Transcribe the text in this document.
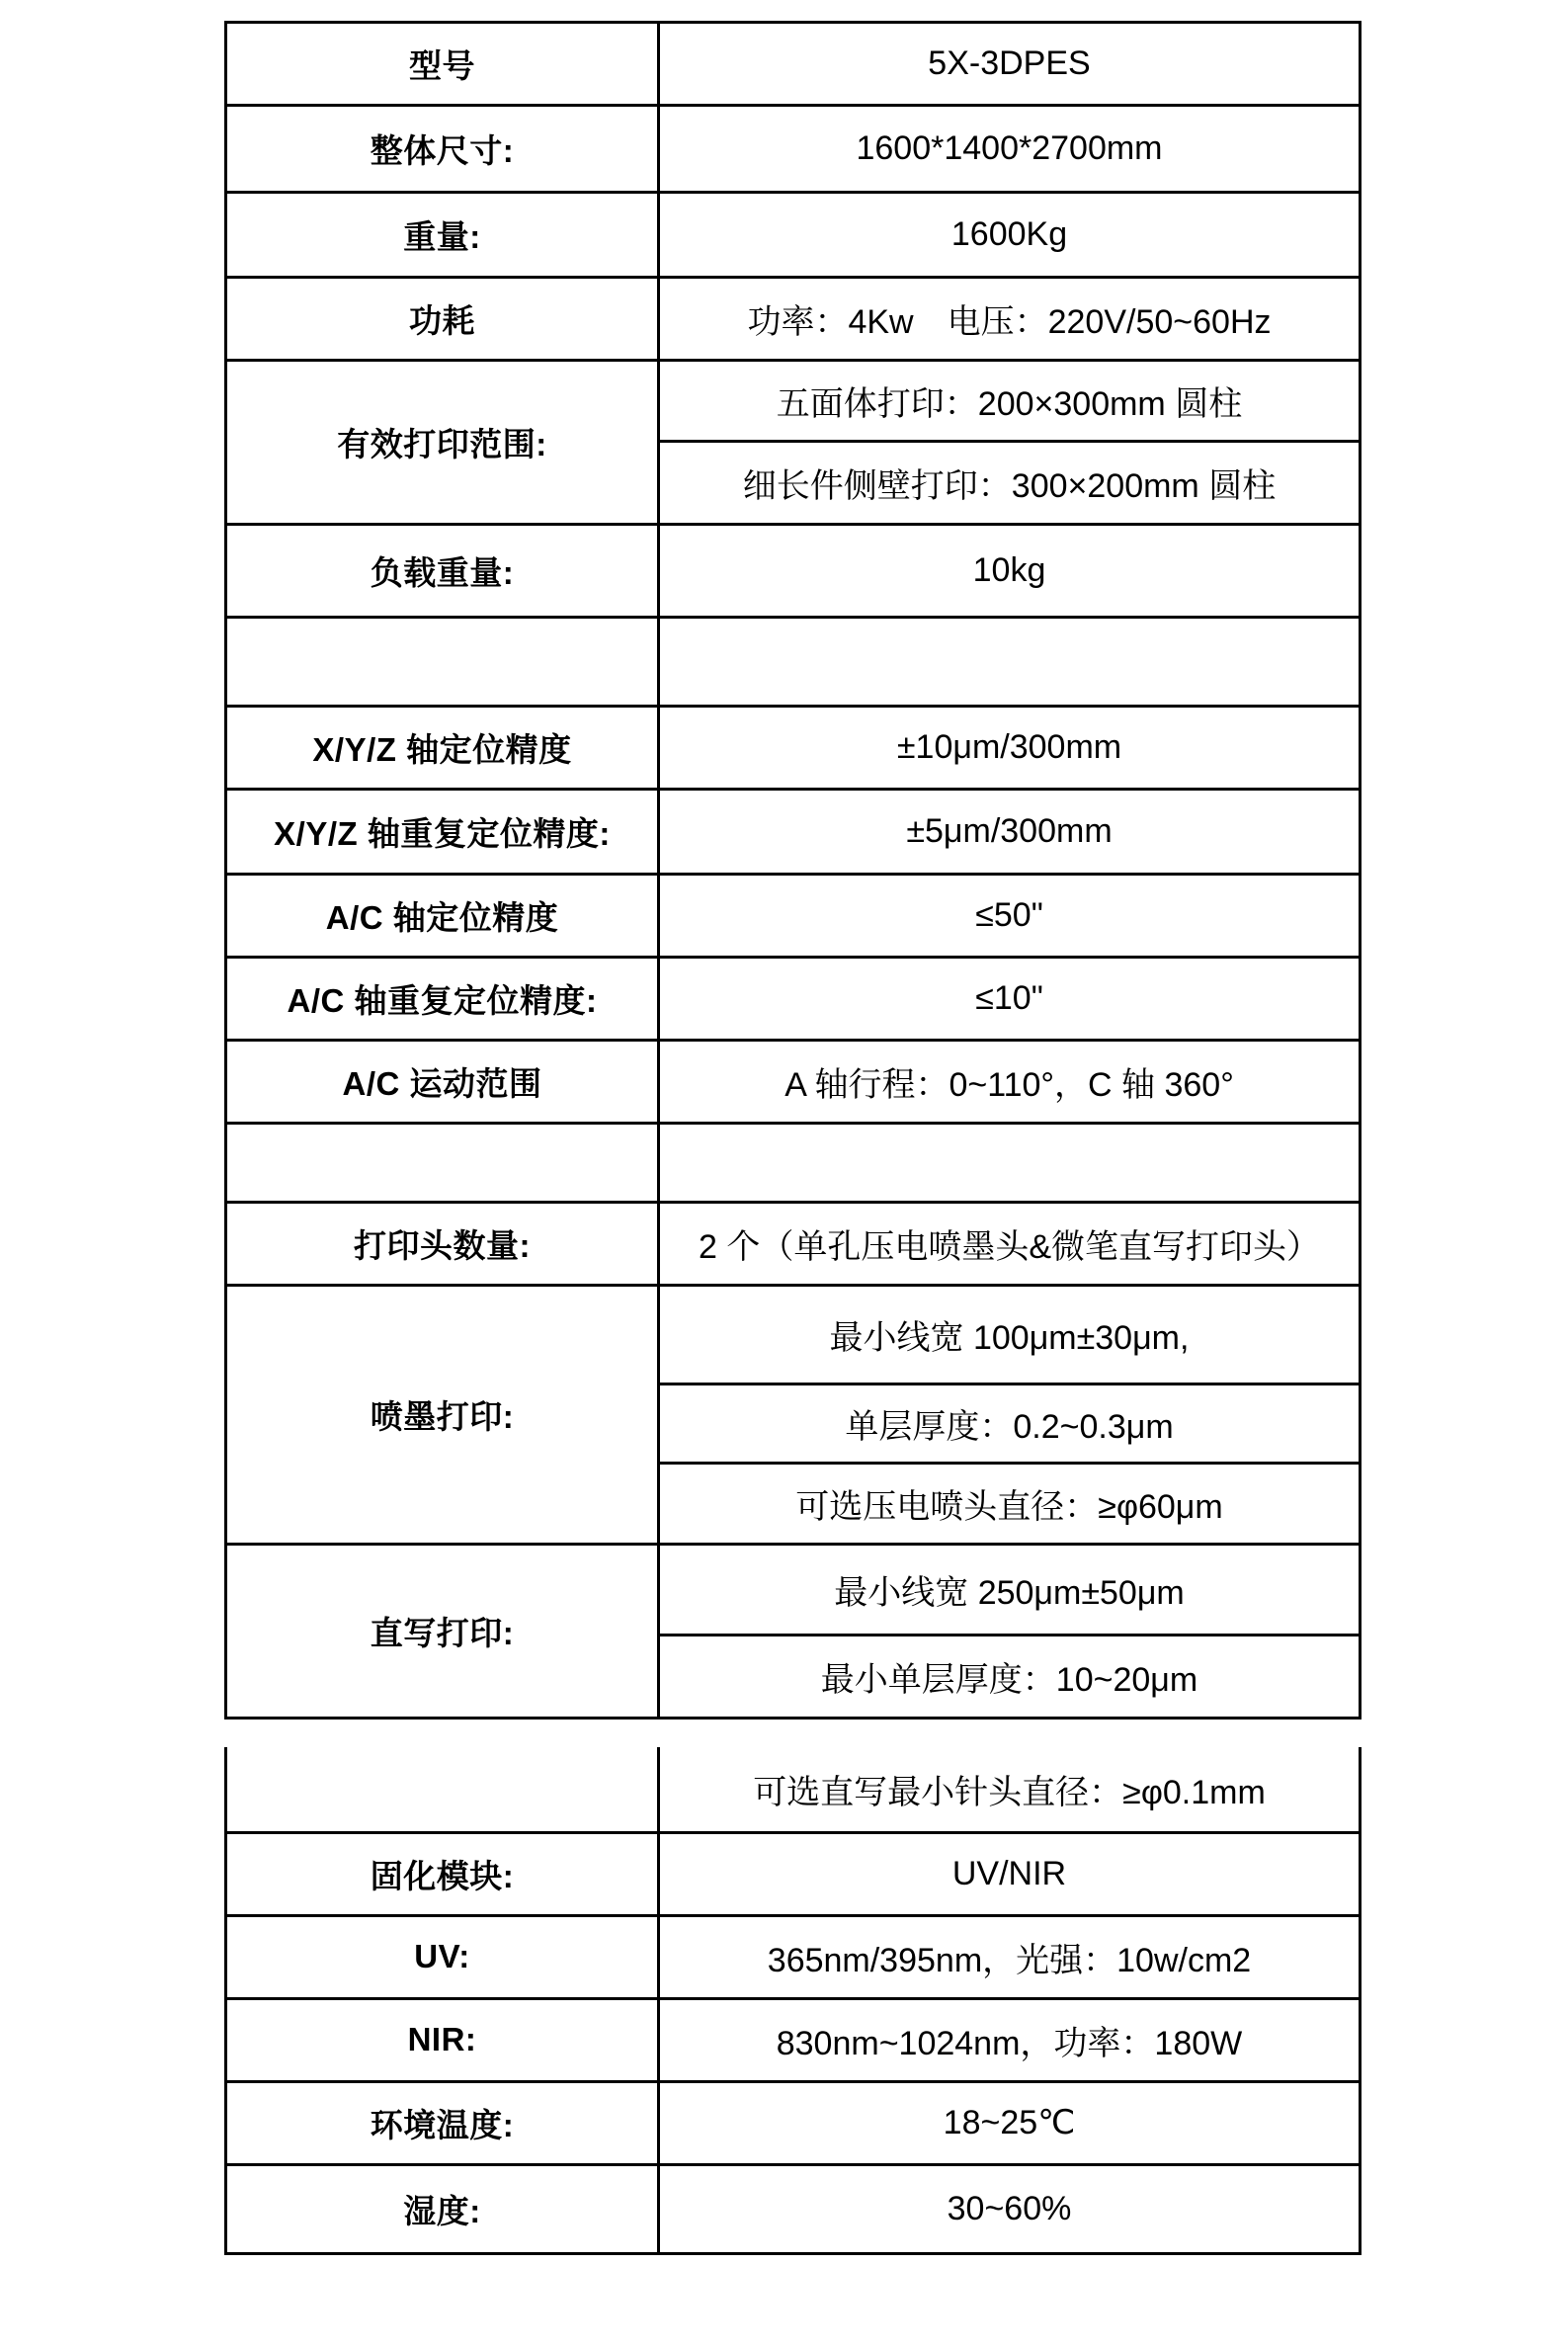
型号	5X-3DPES
整体尺寸:	1600*1400*2700mm
重量:	1600Kg
功耗	功率：4Kw　电压：220V/50~60Hz
有效打印范围:	五面体打印：200×300mm 圆柱
	细长件侧壁打印：300×200mm 圆柱
负载重量:	10kg

X/Y/Z 轴定位精度	±10μm/300mm
X/Y/Z 轴重复定位精度:	±5μm/300mm
A/C 轴定位精度	≤50"
A/C 轴重复定位精度:	≤10"
A/C 运动范围	A 轴行程：0~110°，C 轴 360°

打印头数量:	2 个（单孔压电喷墨头&微笔直写打印头）
喷墨打印:	最小线宽 100μm±30μm,
	单层厚度：0.2~0.3μm
	可选压电喷头直径：≥φ60μm
直写打印:	最小线宽 250μm±50μm
	最小单层厚度：10~20μm
	可选直写最小针头直径：≥φ0.1mm
固化模块:	UV/NIR
UV:	365nm/395nm，光强：10w/cm2
NIR:	830nm~1024nm，功率：180W
环境温度:	18~25℃
湿度:	30~60%
